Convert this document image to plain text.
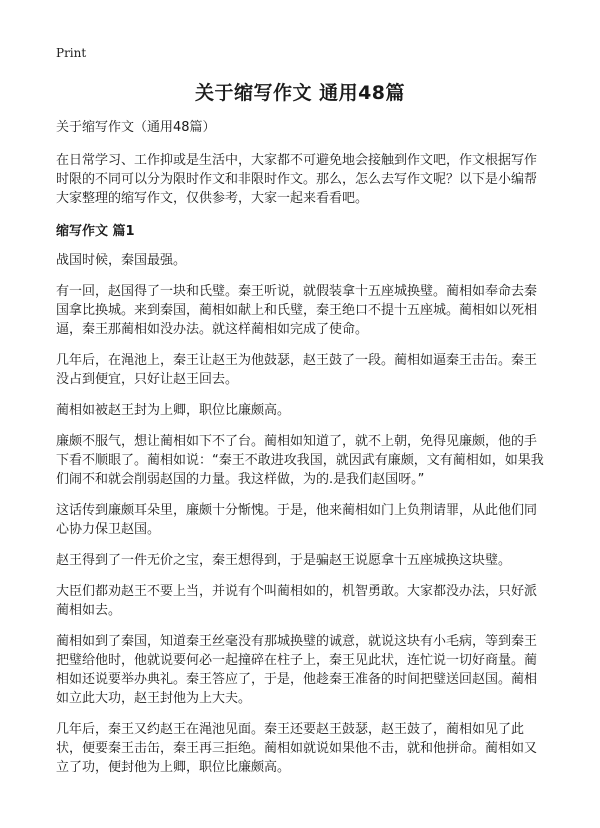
Print
关于缩写作文 通用48篇

关于缩写作文（通用48篇）

在日常学习、工作抑或是生活中，大家都不可避免地会接触到作文吧，作文根据写作时限的不同可以分为限时作文和非限时作文。那么，怎么去写作文呢？以下是小编帮大家整理的缩写作文，仅供参考，大家一起来看看吧。

缩写作文 篇1

战国时候，秦国最强。

有一回，赵国得了一块和氏璧。秦王听说，就假装拿十五座城换璧。蔺相如奉命去秦国拿比换城。来到秦国，蔺相如献上和氏璧，秦王绝口不提十五座城。蔺相如以死相逼，秦王那蔺相如没办法。就这样蔺相如完成了使命。

几年后，在渑池上，秦王让赵王为他鼓瑟，赵王鼓了一段。蔺相如逼秦王击缶。秦王没占到便宜，只好让赵王回去。

蔺相如被赵王封为上卿，职位比廉颇高。

廉颇不服气，想让蔺相如下不了台。蔺相如知道了，就不上朝，免得见廉颇，他的手下看不顺眼了。蔺相如说：“秦王不敢进攻我国，就因武有廉颇，文有蔺相如，如果我们闹不和就会削弱赵国的力量。我这样做，为的.是我们赵国呀。”

这话传到廉颇耳朵里，廉颇十分惭愧。于是，他来蔺相如门上负荆请罪，从此他们同心协力保卫赵国。

赵王得到了一件无价之宝，秦王想得到，于是骗赵王说愿拿十五座城换这块璧。

大臣们都劝赵王不要上当，并说有个叫蔺相如的，机智勇敢。大家都没办法，只好派蔺相如去。

蔺相如到了秦国，知道秦王丝毫没有那城换璧的诚意，就说这块有小毛病，等到秦王把璧给他时，他就说要何必一起撞碎在柱子上，秦王见此状，连忙说一切好商量。蔺相如还说要举办典礼。秦王答应了，于是，他趁秦王准备的时间把璧送回赵国。蔺相如立此大功，赵王封他为上大夫。

几年后，秦王又约赵王在渑池见面。秦王还要赵王鼓瑟，赵王鼓了，蔺相如见了此状，便要秦王击缶，秦王再三拒绝。蔺相如就说如果他不击，就和他拼命。蔺相如又立了功，便封他为上卿，职位比廉颇高。
